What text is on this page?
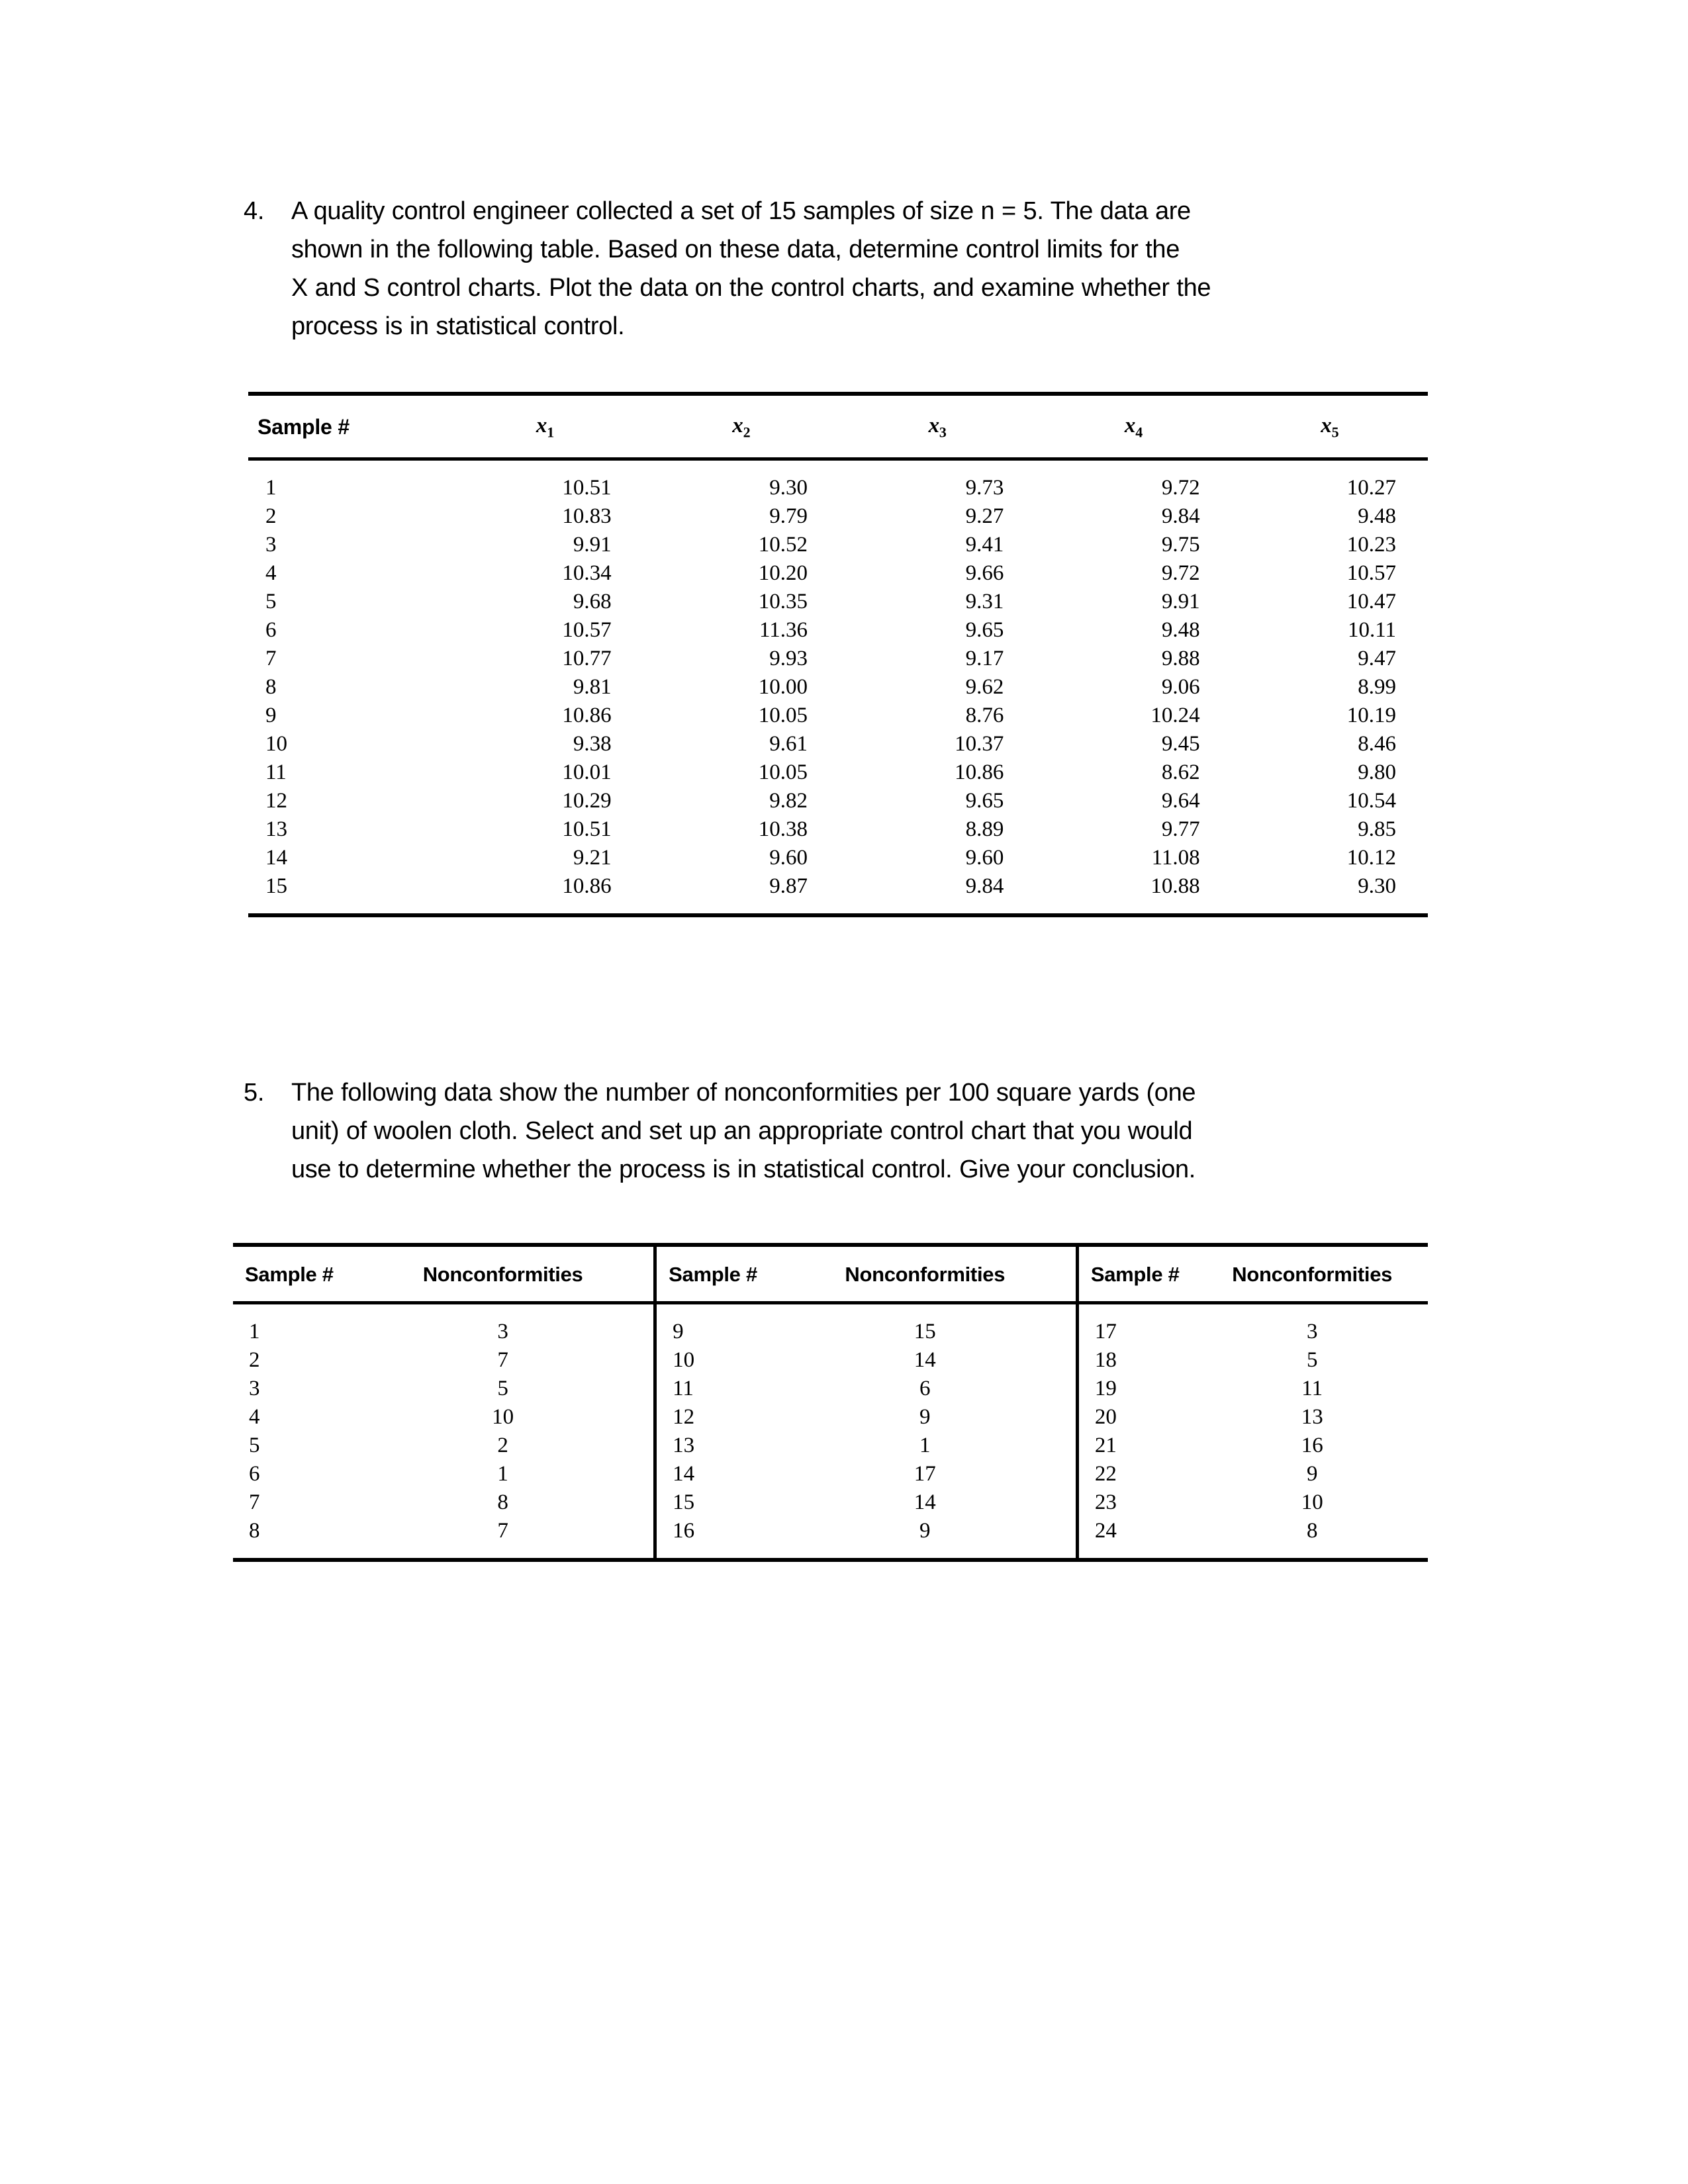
4.	A quality control engineer collected a set of 15 samples of size n = 5. The data are
shown in the following table. Based on these data, determine control limits for the
X and S control charts. Plot the data on the control charts, and examine whether the
process is in statistical control.
Sample #	$x_1$	$x_2$	$x_3$	$x_4$	$x_5$
1	10.51	9.30	9.73	9.72	10.27
2	10.83	9.79	9.27	9.84	9.48
3	9.91	10.52	9.41	9.75	10.23
4	10.34	10.20	9.66	9.72	10.57
5	9.68	10.35	9.31	9.91	10.47
6	10.57	11.36	9.65	9.48	10.11
7	10.77	9.93	9.17	9.88	9.47
8	9.81	10.00	9.62	9.06	8.99
9	10.86	10.05	8.76	10.24	10.19
10	9.38	9.61	10.37	9.45	8.46
11	10.01	10.05	10.86	8.62	9.80
12	10.29	9.82	9.65	9.64	10.54
13	10.51	10.38	8.89	9.77	9.85
14	9.21	9.60	9.60	11.08	10.12
15	10.86	9.87	9.84	10.88	9.30
5.	The following data show the number of nonconformities per 100 square yards (one
unit) of woolen cloth. Select and set up an appropriate control chart that you would
use to determine whether the process is in statistical control. Give your conclusion.
Sample #	Nonconformities	Sample #	Nonconformities	Sample #	Nonconformities
1	3	9	15	17	3
2	7	10	14	18	5
3	5	11	6	19	11
4	10	12	9	20	13
5	2	13	1	21	16
6	1	14	17	22	9
7	8	15	14	23	10
8	7	16	9	24	8
